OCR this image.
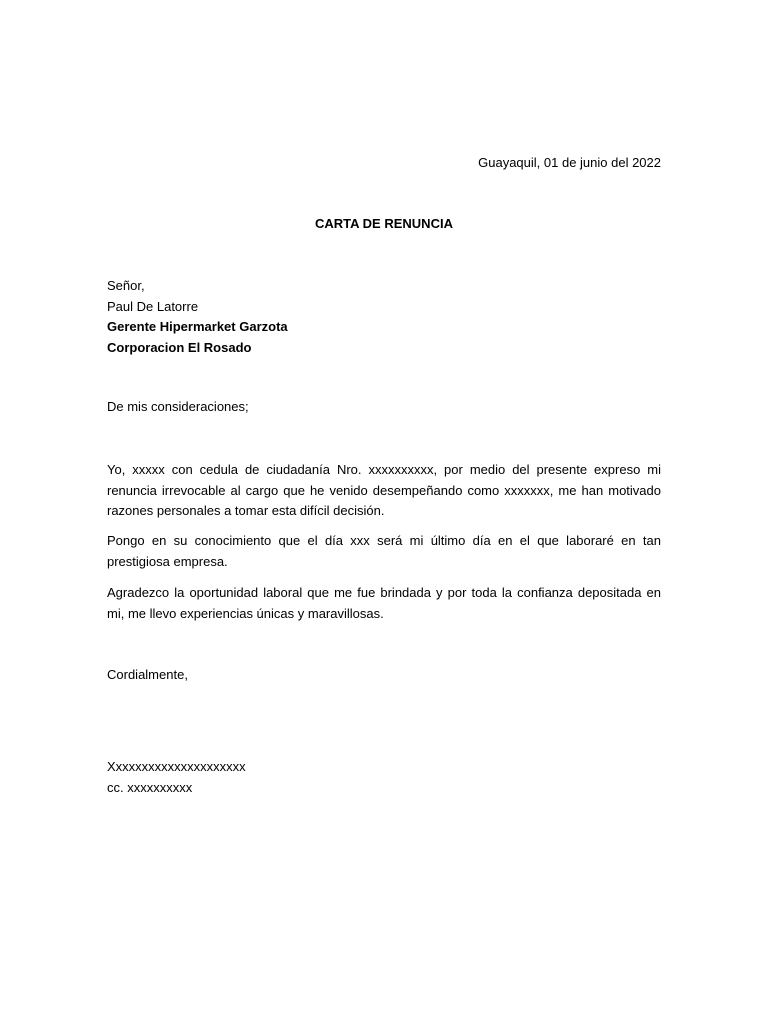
Guayaquil, 01 de junio del 2022
CARTA DE RENUNCIA
Señor,
Paul De Latorre
Gerente Hipermarket Garzota
Corporacion El Rosado
De mis consideraciones;
Yo, xxxxx con cedula de ciudadanía Nro. xxxxxxxxxx, por medio del presente expreso mi renuncia irrevocable al cargo que he venido desempeñando como xxxxxxx, me han motivado razones personales a tomar esta difícil decisión.
Pongo en su conocimiento que el día xxx será mi último día en el que laboraré en tan prestigiosa empresa.
Agradezco la oportunidad laboral que me fue brindada y por toda la confianza depositada en mi, me llevo experiencias únicas y maravillosas.
Cordialmente,
Xxxxxxxxxxxxxxxxxxxxx
cc. xxxxxxxxxx
